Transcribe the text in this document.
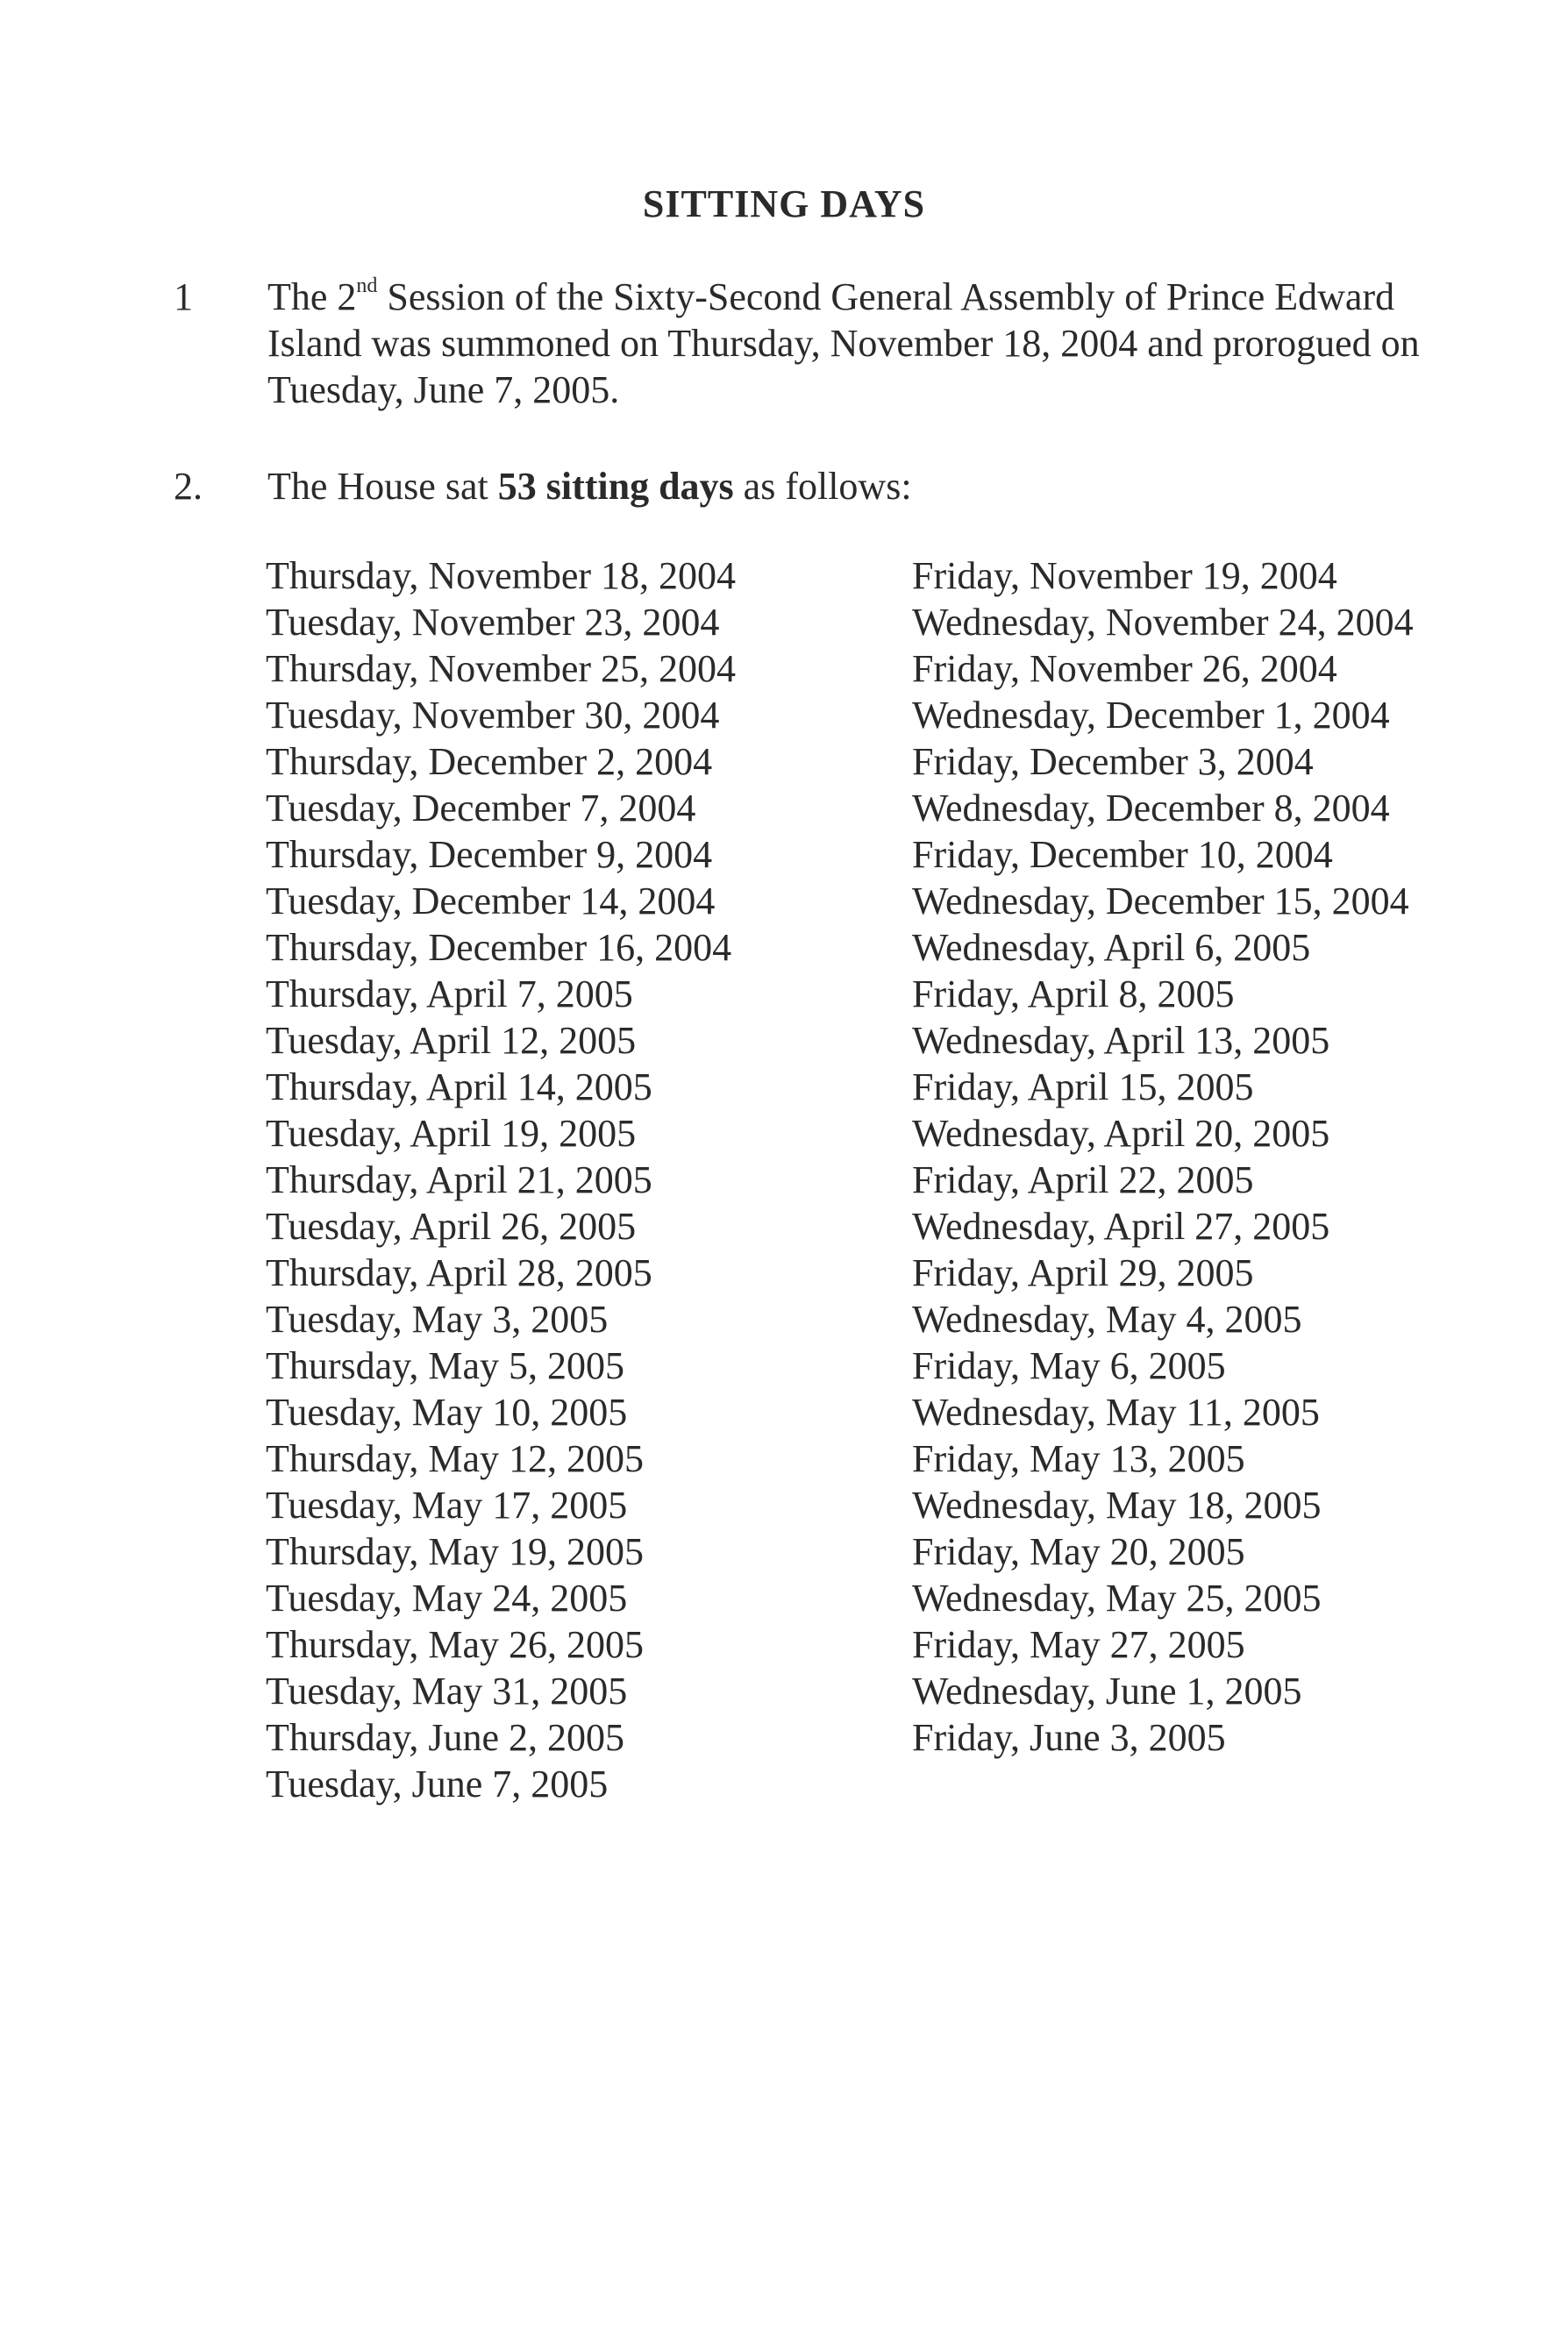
SITTING DAYS
1 The 2nd Session of the Sixty-Second General Assembly of Prince Edward Island was summoned on Thursday, November 18, 2004 and prorogued on Tuesday, June 7, 2005.
2. The House sat 53 sitting days as follows:
Thursday, November 18, 2004
Tuesday, November 23, 2004
Thursday, November 25, 2004
Tuesday, November 30, 2004
Thursday, December 2, 2004
Tuesday, December 7, 2004
Thursday, December 9, 2004
Tuesday, December 14, 2004
Thursday, December 16, 2004
Thursday, April 7, 2005
Tuesday, April 12, 2005
Thursday, April 14, 2005
Tuesday, April 19, 2005
Thursday, April 21, 2005
Tuesday, April 26, 2005
Thursday, April 28, 2005
Tuesday, May 3, 2005
Thursday, May 5, 2005
Tuesday, May 10, 2005
Thursday, May 12, 2005
Tuesday, May 17, 2005
Thursday, May 19, 2005
Tuesday, May 24, 2005
Thursday, May 26, 2005
Tuesday, May 31, 2005
Thursday, June 2, 2005
Tuesday, June 7, 2005
Friday, November 19, 2004
Wednesday, November 24, 2004
Friday, November 26, 2004
Wednesday, December 1, 2004
Friday, December 3, 2004
Wednesday, December 8, 2004
Friday, December 10, 2004
Wednesday, December 15, 2004
Wednesday, April 6, 2005
Friday, April 8, 2005
Wednesday, April 13, 2005
Friday, April 15, 2005
Wednesday, April 20, 2005
Friday, April 22, 2005
Wednesday, April 27, 2005
Friday, April 29, 2005
Wednesday, May 4, 2005
Friday, May 6, 2005
Wednesday, May 11, 2005
Friday, May 13, 2005
Wednesday, May 18, 2005
Friday, May 20, 2005
Wednesday, May 25, 2005
Friday, May 27, 2005
Wednesday, June 1, 2005
Friday, June 3, 2005
